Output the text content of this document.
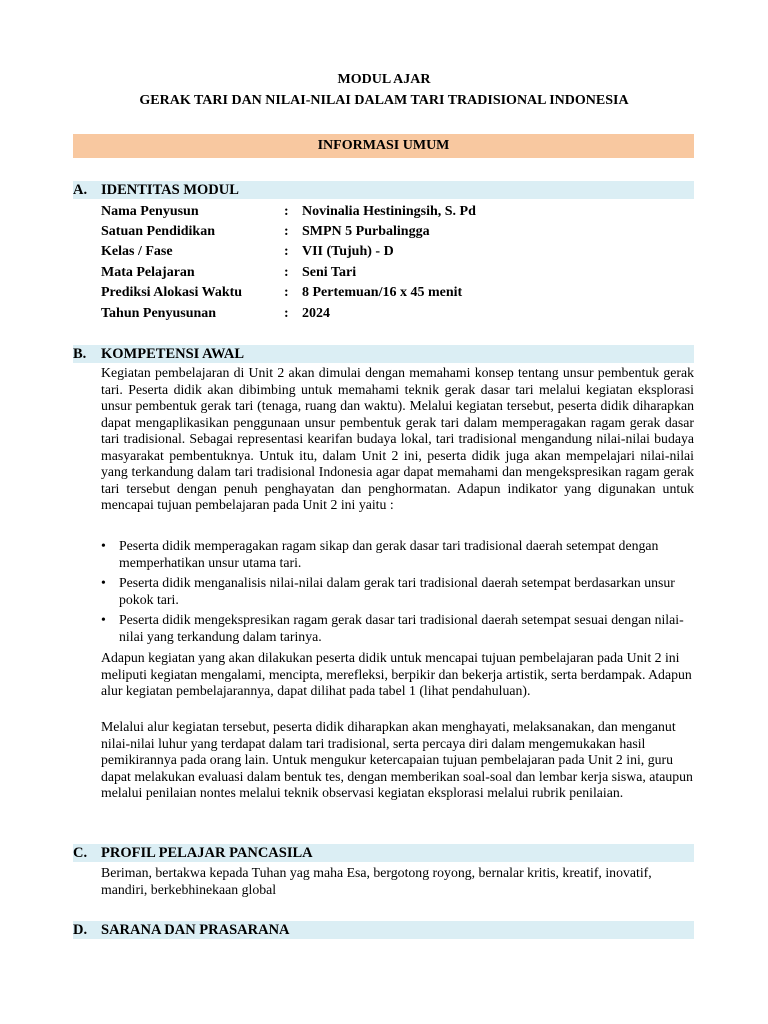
MODUL AJAR
GERAK TARI DAN NILAI-NILAI DALAM TARI TRADISIONAL INDONESIA
INFORMASI UMUM
A. IDENTITAS MODUL
Nama Penyusun	: Novinalia Hestiningsih, S. Pd
Satuan Pendidikan	: SMPN 5 Purbalingga
Kelas / Fase	: VII (Tujuh) - D
Mata Pelajaran	: Seni Tari
Prediksi Alokasi Waktu	: 8 Pertemuan/16 x 45 menit
Tahun Penyusunan	: 2024
B. KOMPETENSI AWAL
Kegiatan pembelajaran di Unit 2 akan dimulai dengan memahami konsep tentang unsur pembentuk gerak tari. Peserta didik akan dibimbing untuk memahami teknik gerak dasar tari melalui kegiatan eksplorasi unsur pembentuk gerak tari (tenaga, ruang dan waktu). Melalui kegiatan tersebut, peserta didik diharapkan dapat mengaplikasikan penggunaan unsur pembentuk gerak tari dalam memperagakan ragam gerak dasar tari tradisional. Sebagai representasi kearifan budaya lokal, tari tradisional mengandung nilai-nilai budaya masyarakat pembentuknya. Untuk itu, dalam Unit 2 ini, peserta didik juga akan mempelajari nilai-nilai yang terkandung dalam tari tradisional Indonesia agar dapat memahami dan mengekspresikan ragam gerak tari tersebut dengan penuh penghayatan dan penghormatan. Adapun indikator yang digunakan untuk mencapai tujuan pembelajaran pada Unit 2 ini yaitu :
• Peserta didik memperagakan ragam sikap dan gerak dasar tari tradisional daerah setempat dengan memperhatikan unsur utama tari.
• Peserta didik menganalisis nilai-nilai dalam gerak tari tradisional daerah setempat berdasarkan unsur pokok tari.
• Peserta didik mengekspresikan ragam gerak dasar tari tradisional daerah setempat sesuai dengan nilai-nilai yang terkandung dalam tarinya.
Adapun kegiatan yang akan dilakukan peserta didik untuk mencapai tujuan pembelajaran pada Unit 2 ini meliputi kegiatan mengalami, mencipta, merefleksi, berpikir dan bekerja artistik, serta berdampak. Adapun alur kegiatan pembelajarannya, dapat dilihat pada tabel 1 (lihat pendahuluan).
Melalui alur kegiatan tersebut, peserta didik diharapkan akan menghayati, melaksanakan, dan menganut nilai-nilai luhur yang terdapat dalam tari tradisional, serta percaya diri dalam mengemukakan hasil pemikirannya pada orang lain. Untuk mengukur ketercapaian tujuan pembelajaran pada Unit 2 ini, guru dapat melakukan evaluasi dalam bentuk tes, dengan memberikan soal-soal dan lembar kerja siswa, ataupun melalui penilaian nontes melalui teknik observasi kegiatan eksplorasi melalui rubrik penilaian.
C. PROFIL PELAJAR PANCASILA
Beriman, bertakwa kepada Tuhan yag maha Esa, bergotong royong, bernalar kritis, kreatif, inovatif, mandiri, berkebhinekaan global
D. SARANA DAN PRASARANA
